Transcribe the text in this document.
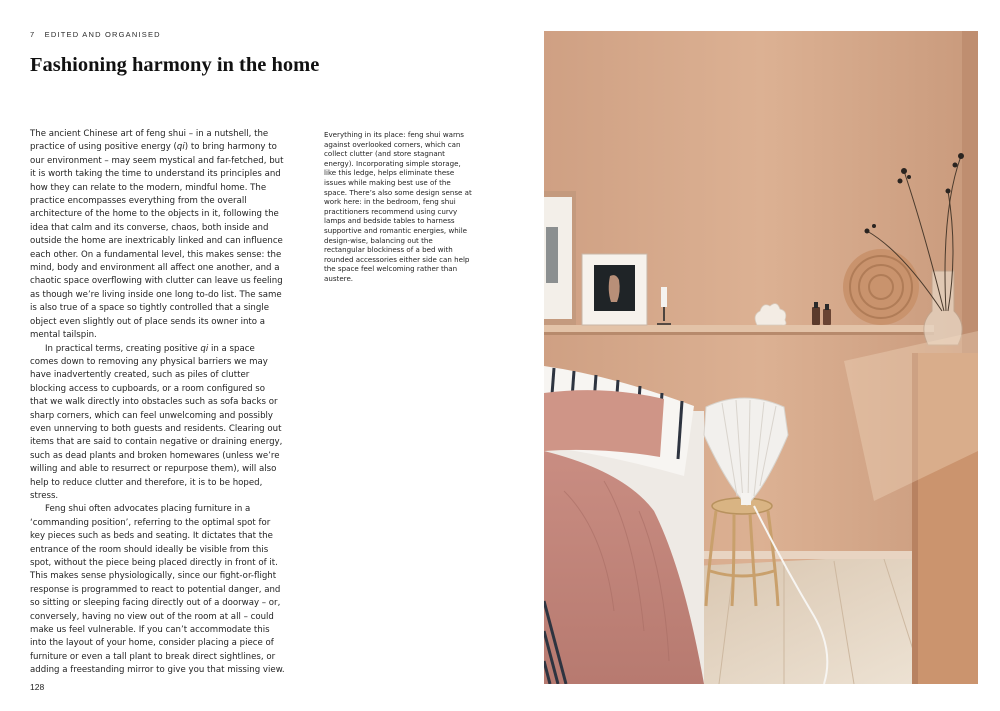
7 EDITED AND ORGANISED
Fashioning harmony in the home

The ancient Chinese art of feng shui – in a nutshell, the practice of using positive energy (qi) to bring harmony to our environment – may seem mystical and far-fetched, but it is worth taking the time to understand its principles and how they can relate to the modern, mindful home. The practice encompasses everything from the overall architecture of the home to the objects in it, following the idea that calm and its converse, chaos, both inside and outside the home are inextricably linked and can influence each other. On a fundamental level, this makes sense: the mind, body and environment all affect one another, and a chaotic space overflowing with clutter can leave us feeling as though we’re living inside one long to-do list. The same is also true of a space so tightly controlled that a single object even slightly out of place sends its owner into a mental tailspin.

In practical terms, creating positive qi in a space comes down to removing any physical barriers we may have inadvertently created, such as piles of clutter blocking access to cupboards, or a room configured so that we walk directly into obstacles such as sofa backs or sharp corners, which can feel unwelcoming and possibly even unnerving to both guests and residents. Clearing out items that are said to contain negative or draining energy, such as dead plants and broken homewares (unless we’re willing and able to resurrect or repurpose them), will also help to reduce clutter and therefore, it is to be hoped, stress.

Feng shui often advocates placing furniture in a ‘commanding position’, referring to the optimal spot for key pieces such as beds and seating. It dictates that the entrance of the room should ideally be visible from this spot, without the piece being placed directly in front of it. This makes sense physiologically, since our fight-or-flight response is programmed to react to potential danger, and so sitting or sleeping facing directly out of a doorway – or, conversely, having no view out of the room at all – could make us feel vulnerable. If you can’t accommodate this into the layout of your home, consider placing a piece of furniture or even a tall plant to break direct sightlines, or adding a freestanding mirror to give you that missing view.

Everything in its place: feng shui warns against overlooked corners, which can collect clutter (and store stagnant energy). Incorporating simple storage, like this ledge, helps eliminate these issues while making best use of the space. There’s also some design sense at work here: in the bedroom, feng shui practitioners recommend using curvy lamps and bedside tables to harness supportive and romantic energies, while design-wise, balancing out the rectangular blockiness of a bed with rounded accessories either side can help the space feel welcoming rather than austere.
128
